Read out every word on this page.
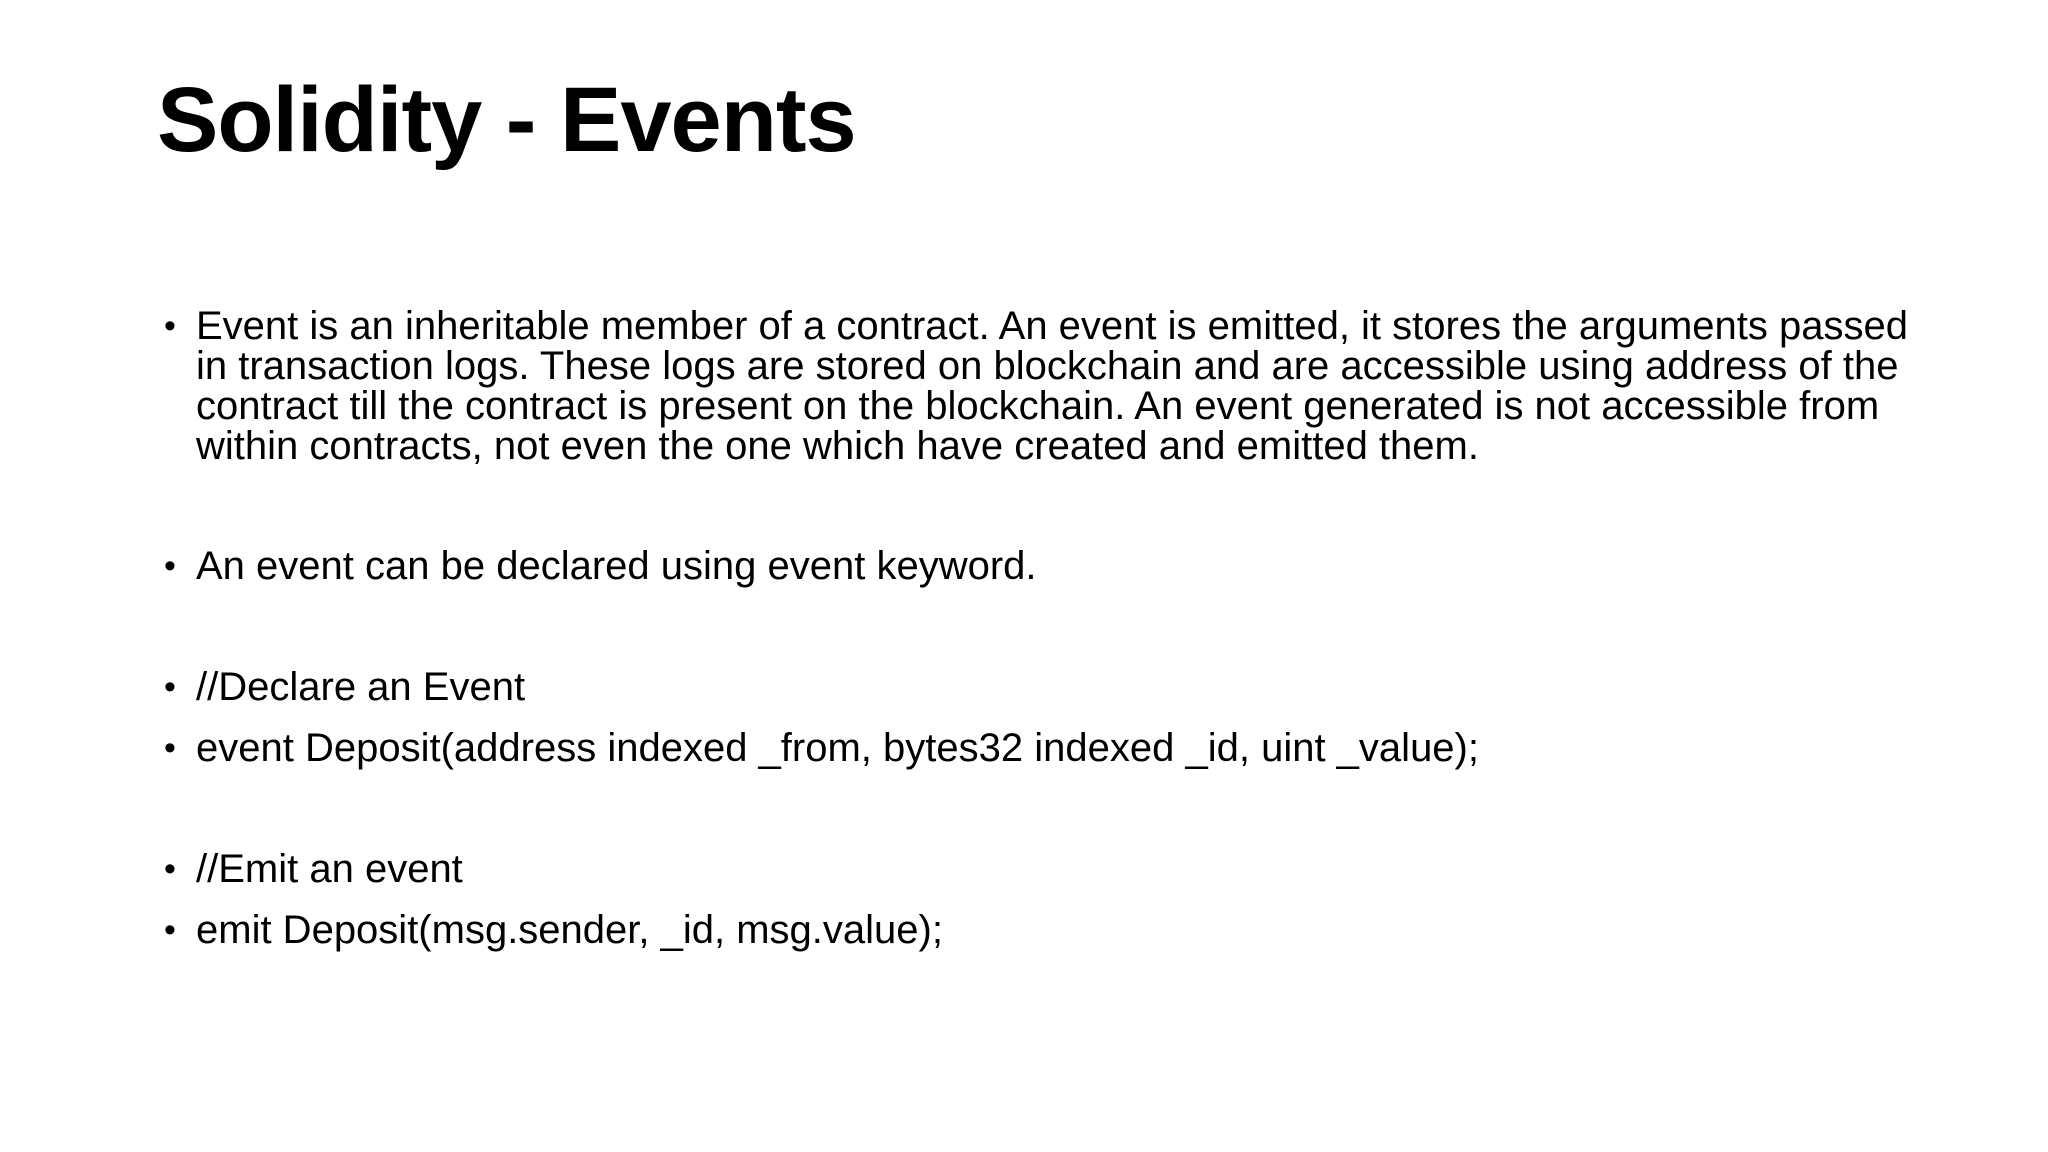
Solidity - Events
• Event is an inheritable member of a contract. An event is emitted, it stores the arguments passed in transaction logs. These logs are stored on blockchain and are accessible using address of the contract till the contract is present on the blockchain. An event generated is not accessible from within contracts, not even the one which have created and emitted them.
• An event can be declared using event keyword.
• //Declare an Event
• event Deposit(address indexed _from, bytes32 indexed _id, uint _value);
• //Emit an event
• emit Deposit(msg.sender, _id, msg.value);
